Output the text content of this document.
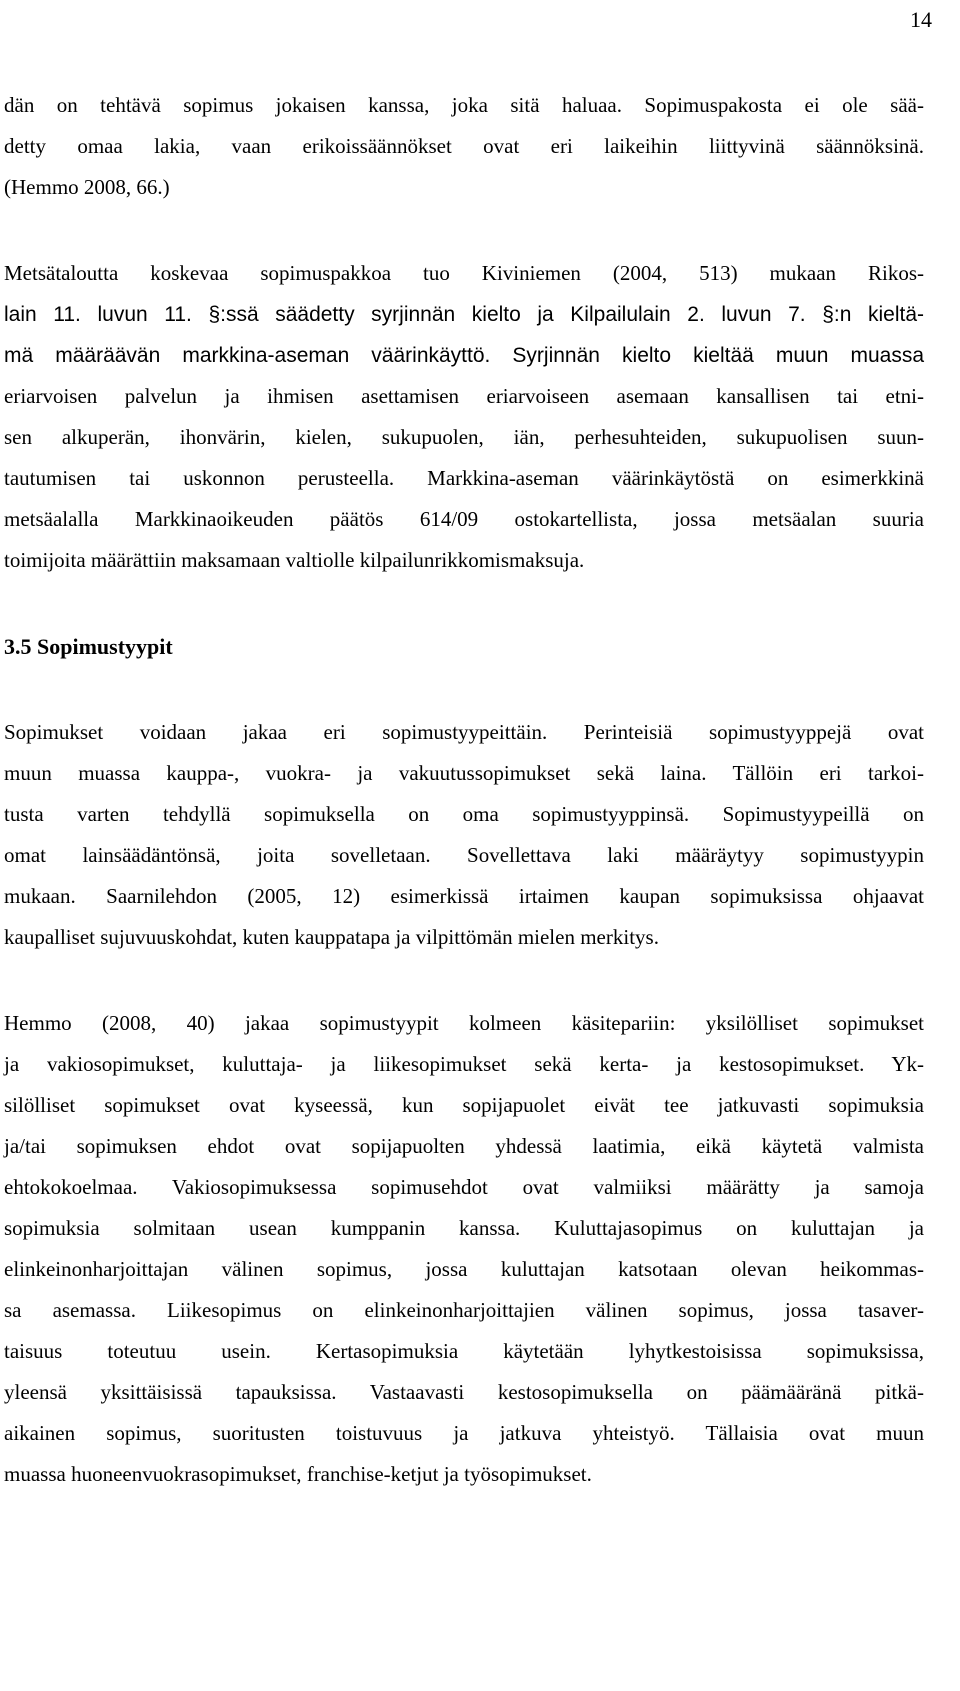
14

dän on tehtävä sopimus jokaisen kanssa, joka sitä haluaa. Sopimuspakosta ei ole sää-
detty omaa lakia, vaan erikoissäännökset ovat eri laikeihin liittyvinä säännöksinä.
(Hemmo 2008, 66.)

Metsätaloutta koskevaa sopimuspakkoa tuo Kiviniemen (2004, 513) mukaan Rikos-
lain 11. luvun 11. §:ssä säädetty syrjinnän kielto ja Kilpailulain 2. luvun 7. §:n kieltä-
mä määräävän markkina-aseman väärinkäyttö. Syrjinnän kielto kieltää muun muassa
eriarvoisen palvelun ja ihmisen asettamisen eriarvoiseen asemaan kansallisen tai etni-
sen alkuperän, ihonvärin, kielen, sukupuolen, iän, perhesuhteiden, sukupuolisen suun-
tautumisen tai uskonnon perusteella. Markkina-aseman väärinkäytöstä on esimerkkinä
metsäalalla Markkinaoikeuden päätös 614/09 ostokartellista, jossa metsäalan suuria
toimijoita määrättiin maksamaan valtiolle kilpailunrikkomismaksuja.

3.5 Sopimustyypit

Sopimukset voidaan jakaa eri sopimustyypeittäin. Perinteisiä sopimustyyppejä ovat
muun muassa kauppa-, vuokra- ja vakuutussopimukset sekä laina. Tällöin eri tarkoi-
tusta varten tehdyllä sopimuksella on oma sopimustyyppinsä. Sopimustyypeillä on
omat lainsäädäntönsä, joita sovelletaan. Sovellettava laki määräytyy sopimustyypin
mukaan. Saarnilehdon (2005, 12) esimerkissä irtaimen kaupan sopimuksissa ohjaavat
kaupalliset sujuvuuskohdat, kuten kauppatapa ja vilpittömän mielen merkitys.

Hemmo (2008, 40) jakaa sopimustyypit kolmeen käsitepariin: yksilölliset sopimukset
ja vakiosopimukset, kuluttaja- ja liikesopimukset sekä kerta- ja kestosopimukset. Yk-
silölliset sopimukset ovat kyseessä, kun sopijapuolet eivät tee jatkuvasti sopimuksia
ja/tai sopimuksen ehdot ovat sopijapuolten yhdessä laatimia, eikä käytetä valmista
ehtokokoelmaa. Vakiosopimuksessa sopimusehdot ovat valmiiksi määrätty ja samoja
sopimuksia solmitaan usean kumppanin kanssa. Kuluttajasopimus on kuluttajan ja
elinkeinonharjoittajan välinen sopimus, jossa kuluttajan katsotaan olevan heikommas-
sa asemassa. Liikesopimus on elinkeinonharjoittajien välinen sopimus, jossa tasaver-
taisuus toteutuu usein. Kertasopimuksia käytetään lyhytkestoisissa sopimuksissa,
yleensä yksittäisissä tapauksissa. Vastaavasti kestosopimuksella on päämääränä pitkä-
aikainen sopimus, suoritusten toistuvuus ja jatkuva yhteistyö. Tällaisia ovat muun
muassa huoneenvuokrasopimukset, franchise-ketjut ja työsopimukset.
